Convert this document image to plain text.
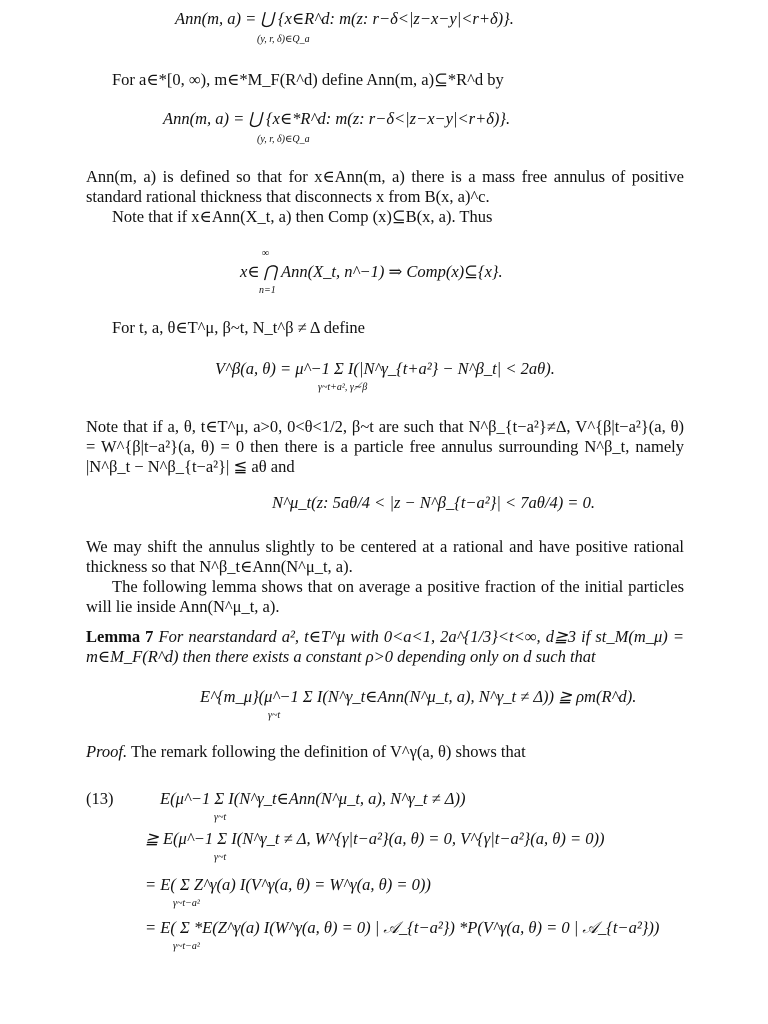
Ann(m, a) = ⋃ {x∈R^d: m(z: r−δ<|z−x−y|<r+δ)}.
(y, r, δ)∈Q_a
For a∈*[0, ∞), m∈*M_F(R^d) define Ann(m, a)⊆*R^d by
Ann(m, a) = ⋃ {x∈*R^d: m(z: r−δ<|z−x−y|<r+δ)}.
(y, r, δ)∈Q_a
Ann(m, a) is defined so that for x∈Ann(m, a) there is a mass free annulus of positive standard rational thickness that disconnects x from B(x, a)^c.
Note that if x∈Ann(X_t, a) then Comp (x)⊆B(x, a). Thus
∞
x∈ ⋂ Ann(X_t, n^−1) ⇒ Comp(x)⊆{x}.
n=1
For t, a, θ∈T^μ, β~t, N_t^β ≠ Δ define
V^β(a, θ) = μ^−1 Σ I(|N^γ_{t+a²} − N^β_t| < 2aθ).
γ~t+a², γ≁β
Note that if a, θ, t∈T^μ, a>0, 0<θ<1/2, β~t are such that N^β_{t−a²}≠Δ, V^{β|t−a²}(a, θ) = W^{β|t−a²}(a, θ) = 0 then there is a particle free annulus surrounding N^β_t, namely |N^β_t − N^β_{t−a²}| ≦ aθ and
N^μ_t(z: 5aθ/4 < |z − N^β_{t−a²}| < 7aθ/4) = 0.
We may shift the annulus slightly to be centered at a rational and have positive rational thickness so that N^β_t∈Ann(N^μ_t, a).
The following lemma shows that on average a positive fraction of the initial particles will lie inside Ann(N^μ_t, a).
Lemma 7 For nearstandard a², t∈T^μ with 0<a<1, 2a^{1/3}<t<∞, d≧3 if st_M(m_μ) = m∈M_F(R^d) then there exists a constant ρ>0 depending only on d such that
E^{m_μ}(μ^−1 Σ I(N^γ_t∈Ann(N^μ_t, a), N^γ_t ≠ Δ)) ≧ ρm(R^d).
γ~t
Proof. The remark following the definition of V^γ(a, θ) shows that
(13)	E(μ^−1 Σ I(N^γ_t∈Ann(N^μ_t, a), N^γ_t ≠ Δ))
γ~t
≧ E(μ^−1 Σ I(N^γ_t ≠ Δ, W^{γ|t−a²}(a, θ) = 0, V^{γ|t−a²}(a, θ) = 0))
γ~t
= E( Σ Z^γ(a) I(V^γ(a, θ) = W^γ(a, θ) = 0))
γ~t−a²
= E( Σ *E(Z^γ(a) I(W^γ(a, θ) = 0) | 𝒜_{t−a²}) *P(V^γ(a, θ) = 0 | 𝒜_{t−a²}))
γ~t−a²
